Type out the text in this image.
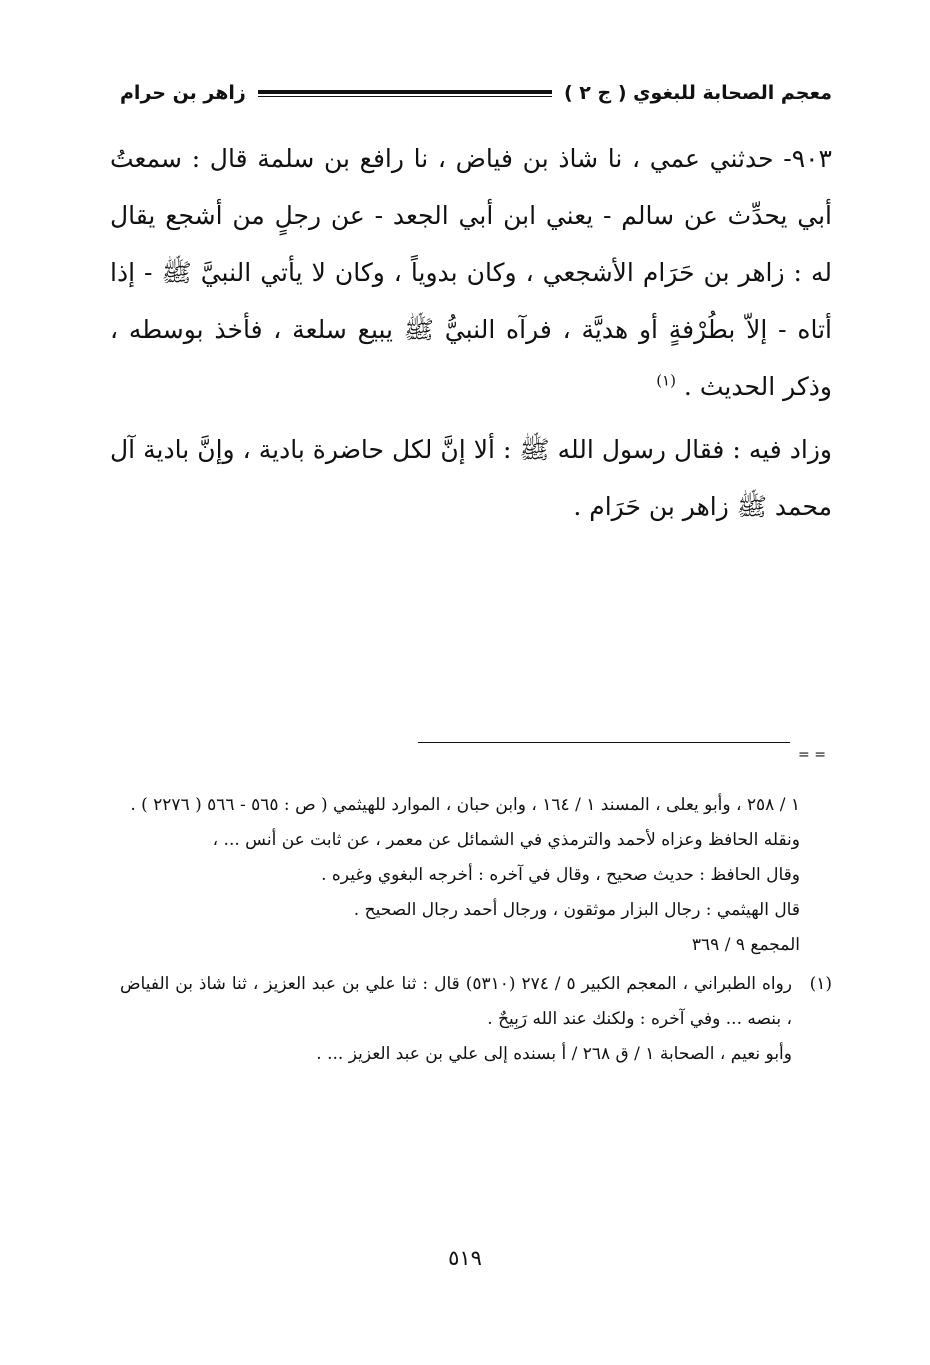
معجم الصحابة للبغوي ( ج ٢ )
زاهر بن حرام

٩٠٣- حدثني عمي ، نا شاذ بن فياض ، نا رافع بن سلمة قال : سمعتُ أبي يحدِّث عن سالم - يعني ابن أبي الجعد - عن رجلٍ من أشجع يقال له : زاهر بن حَرَام الأشجعي ، وكان بدوياً ، وكان لا يأتي النبيَّ ﷺ - إذا أتاه - إلاّ بطُرْفةٍ أو هديَّة ، فرآه النبيُّ ﷺ يبيع سلعة ، فأخذ بوسطه ، وذكر الحديث . $^{(١)}$

وزاد فيه : فقال رسول الله ﷺ : ألا إنَّ لكل حاضرة بادية ، وإنَّ بادية آل محمد ﷺ زاهر بن حَرَام .

= =

١ / ٢٥٨ ، وأبو يعلى ، المسند ١ / ١٦٤ ، وابن حبان ، الموارد للهيثمي ( ص : ٥٦٥ - ٥٦٦ ( ٢٢٧٦ ) .

ونقله الحافظ وعزاه لأحمد والترمذي في الشمائل عن معمر ، عن ثابت عن أنس ... ،

وقال الحافظ : حديث صحيح ، وقال في آخره : أخرجه البغوي وغيره .

قال الهيثمي : رجال البزار موثقون ، ورجال أحمد رجال الصحيح .

المجمع ٩ / ٣٦٩

(١)

رواه الطبراني ، المعجم الكبير ٥ / ٢٧٤ (٥٣١٠) قال : ثنا علي بن عبد العزيز ، ثنا شاذ بن الفياض ، بنصه ... وفي آخره : ولكنك عند الله رَبِيحٌ .

وأبو نعيم ، الصحابة ١ / ق ٢٦٨ / أ بسنده إلى علي بن عبد العزيز ... .

٥١٩
